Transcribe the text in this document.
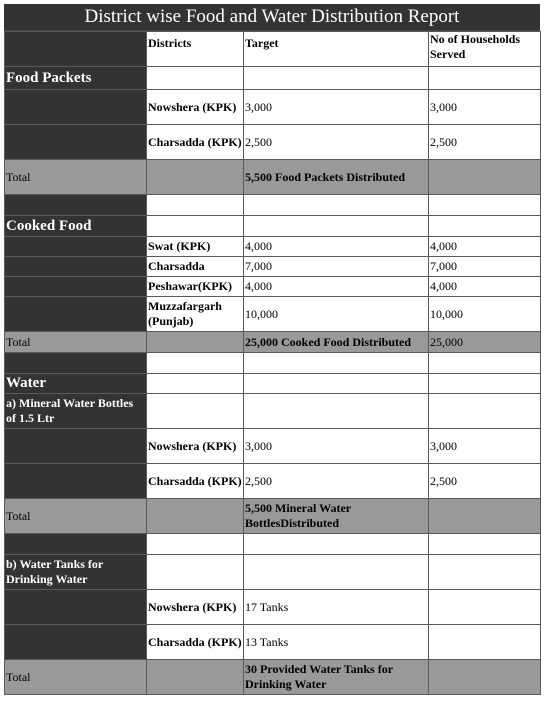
District wise Food and Water Distribution Report
	Districts	Target	No of Households Served
Food Packets			
	Nowshera (KPK)	3,000	3,000
	Charsadda (KPK)	2,500	2,500
Total		5,500 Food Packets Distributed	

Cooked Food			
	Swat (KPK)	4,000	4,000
	Charsadda	7,000	7,000
	Peshawar(KPK)	4,000	4,000
	Muzzafargarh (Punjab)	10,000	10,000
Total		25,000 Cooked Food Distributed	25,000

Water			
a) Mineral Water Bottles of 1.5 Ltr			
	Nowshera (KPK)	3,000	3,000
	Charsadda (KPK)	2,500	2,500
Total		5,500 Mineral Water BottlesDistributed	

b) Water Tanks for Drinking Water			
	Nowshera (KPK)	17 Tanks	
	Charsadda (KPK)	13 Tanks	
Total		30 Provided Water Tanks for Drinking Water	
